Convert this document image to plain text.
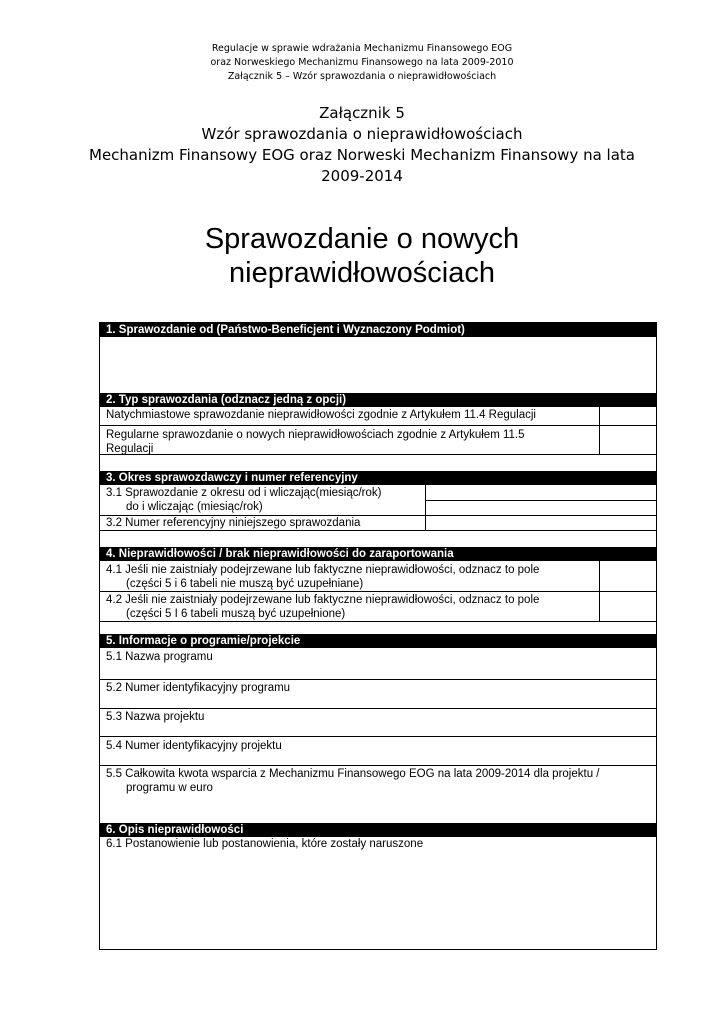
Regulacje w sprawie wdrażania Mechanizmu Finansowego EOG
oraz Norweskiego Mechanizmu Finansowego na lata 2009-2010
Załącznik 5 – Wzór sprawozdania o nieprawidłowościach
Załącznik 5
Wzór sprawozdania o nieprawidłowościach
Mechanizm Finansowy EOG oraz Norweski Mechanizm Finansowy na lata
2009-2014
Sprawozdanie o nowych
nieprawidłowościach
1. Sprawozdanie od (Państwo-Beneficjent i Wyznaczony Podmiot)
2. Typ sprawozdania (odznacz jedną z opcji)
Natychmiastowe sprawozdanie nieprawidłowości zgodnie z Artykułem 11.4 Regulacji
Regularne sprawozdanie o nowych nieprawidłowościach zgodnie z Artykułem 11.5
Regulacji
3. Okres sprawozdawczy i numer referencyjny
3.1 Sprawozdanie z okresu od i wliczając(miesiąc/rok)
do i wliczając (miesiąc/rok)
3.2 Numer referencyjny niniejszego sprawozdania
4. Nieprawidłowości / brak nieprawidłowości do zaraportowania
4.1 Jeśli nie zaistniały podejrzewane lub faktyczne nieprawidłowości, odznacz to pole
(części 5 i 6 tabeli nie muszą być uzupełniane)
4.2 Jeśli nie zaistniały podejrzewane lub faktyczne nieprawidłowości, odznacz to pole
(części 5 I 6 tabeli muszą być uzupełnione)
5. Informacje o programie/projekcie
5.1 Nazwa programu
5.2 Numer identyfikacyjny programu
5.3 Nazwa projektu
5.4 Numer identyfikacyjny projektu
5.5 Całkowita kwota wsparcia z Mechanizmu Finansowego EOG na lata 2009-2014 dla projektu /
programu w euro
6. Opis nieprawidłowości
6.1 Postanowienie lub postanowienia, które zostały naruszone
